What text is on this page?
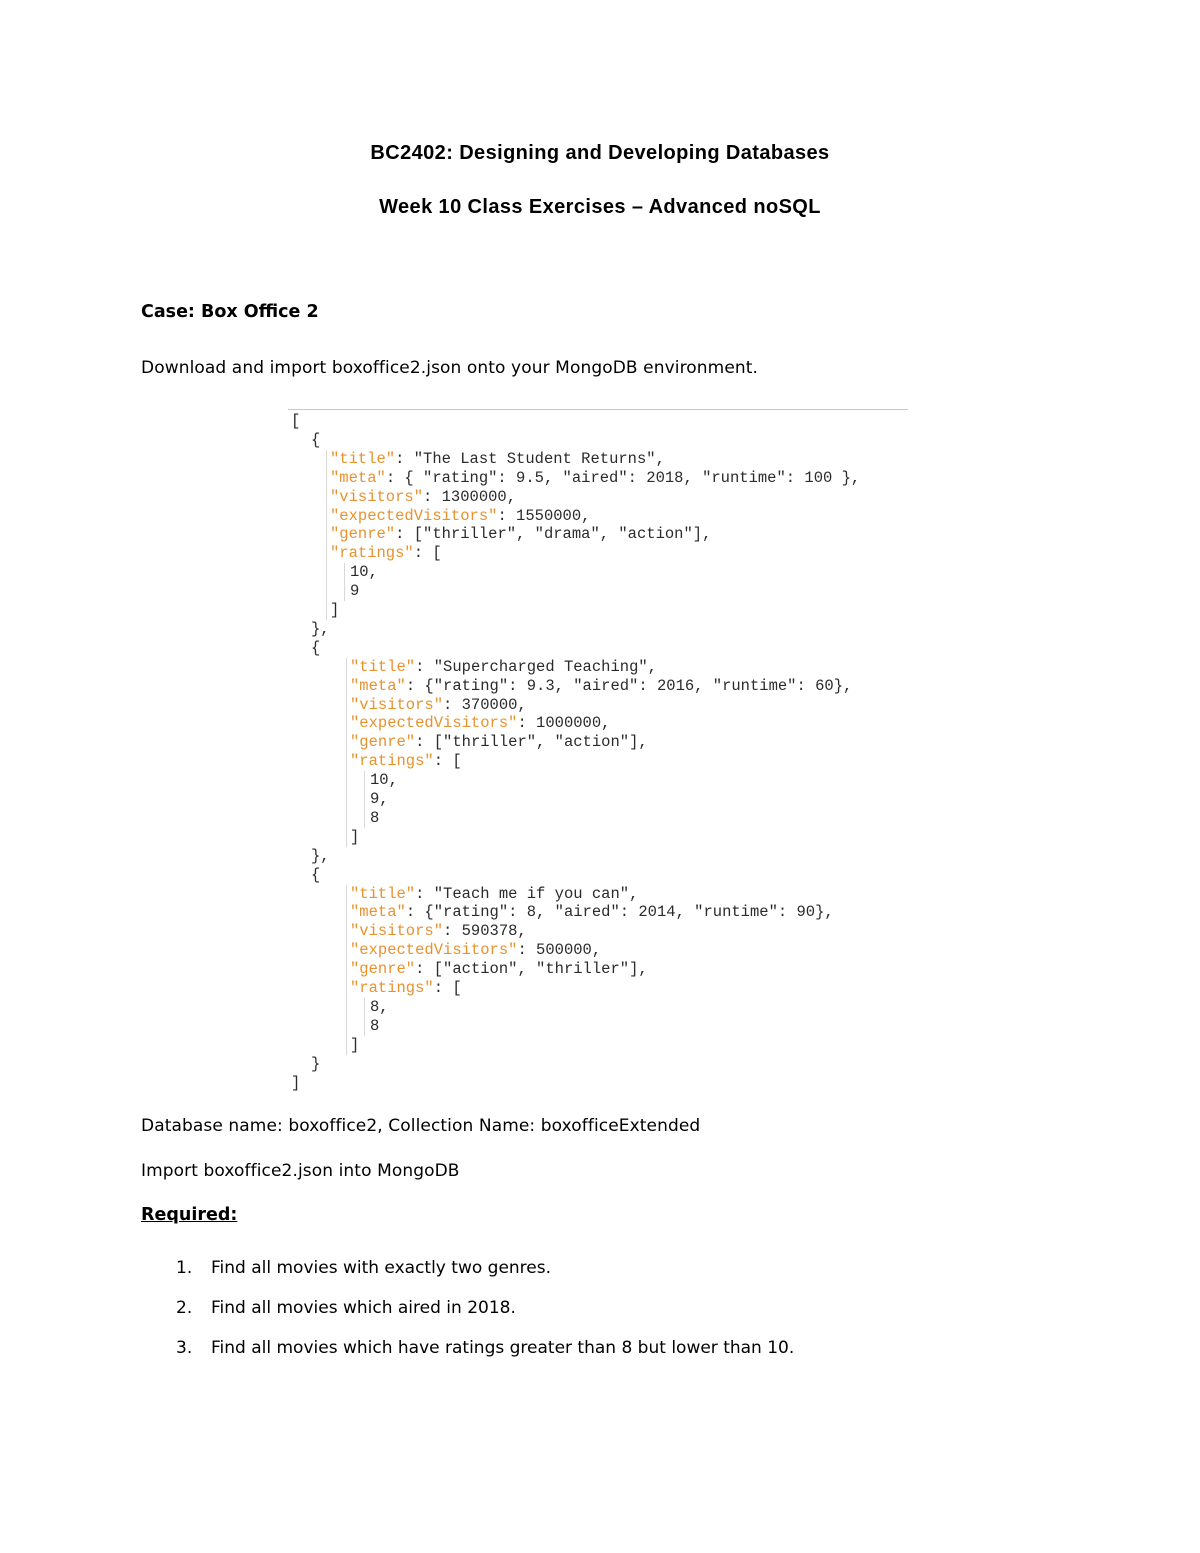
BC2402: Designing and Developing Databases
Week 10 Class Exercises – Advanced noSQL
Case: Box Office 2
Download and import boxoffice2.json onto your MongoDB environment.
[
{
"title": "The Last Student Returns",
"meta": { "rating": 9.5, "aired": 2018, "runtime": 100 },
"visitors": 1300000,
"expectedVisitors": 1550000,
"genre": ["thriller", "drama", "action"],
"ratings": [
10,
9
]
},
{
"title": "Supercharged Teaching",
"meta": {"rating": 9.3, "aired": 2016, "runtime": 60},
"visitors": 370000,
"expectedVisitors": 1000000,
"genre": ["thriller", "action"],
"ratings": [
10,
9,
8
]
},
{
"title": "Teach me if you can",
"meta": {"rating": 8, "aired": 2014, "runtime": 90},
"visitors": 590378,
"expectedVisitors": 500000,
"genre": ["action", "thriller"],
"ratings": [
8,
8
]
}
]
Database name: boxoffice2, Collection Name: boxofficeExtended
Import boxoffice2.json into MongoDB
Required:
1.	Find all movies with exactly two genres.
2.	Find all movies which aired in 2018.
3.	Find all movies which have ratings greater than 8 but lower than 10.
